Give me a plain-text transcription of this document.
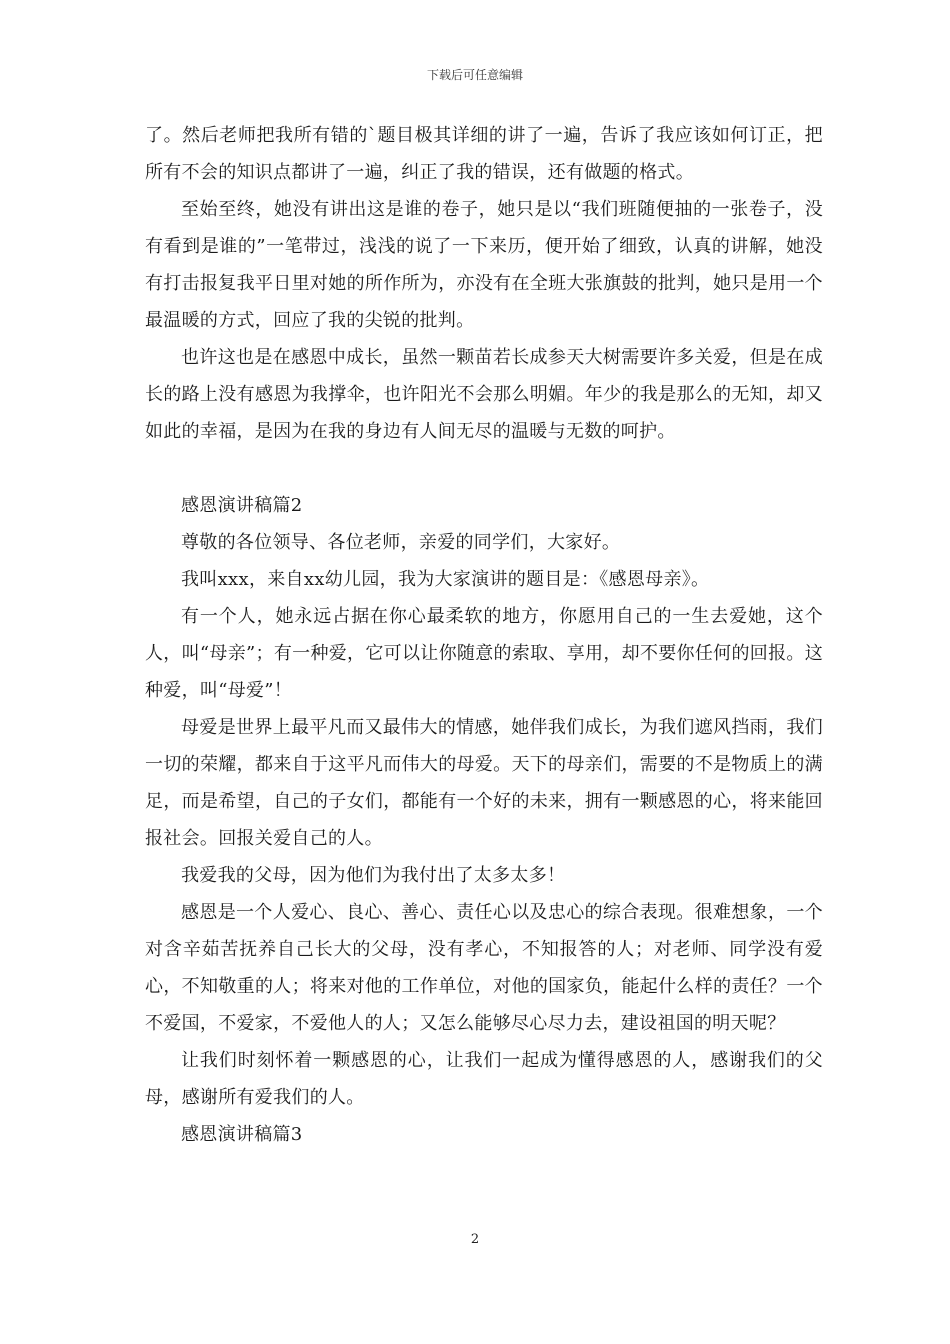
下载后可任意编辑

了。然后老师把我所有错的`题目极其详细的讲了一遍，告诉了我应该如何订正，把所有不会的知识点都讲了一遍，纠正了我的错误，还有做题的格式。

至始至终，她没有讲出这是谁的卷子，她只是以“我们班随便抽的一张卷子，没有看到是谁的”一笔带过，浅浅的说了一下来历，便开始了细致，认真的讲解，她没有打击报复我平日里对她的所作所为，亦没有在全班大张旗鼓的批判，她只是用一个最温暖的方式，回应了我的尖锐的批判。

也许这也是在感恩中成长，虽然一颗苗若长成参天大树需要许多关爱，但是在成长的路上没有感恩为我撑伞，也许阳光不会那么明媚。年少的我是那么的无知，却又如此的幸福，是因为在我的身边有人间无尽的温暖与无数的呵护。

感恩演讲稿篇2

尊敬的各位领导、各位老师，亲爱的同学们，大家好。

我叫xxx，来自xx幼儿园，我为大家演讲的题目是：《感恩母亲》。

有一个人，她永远占据在你心最柔软的地方，你愿用自己的一生去爱她，这个人，叫“母亲”；有一种爱，它可以让你随意的索取、享用，却不要你任何的回报。这种爱，叫“母爱”！

母爱是世界上最平凡而又最伟大的情感，她伴我们成长，为我们遮风挡雨，我们一切的荣耀，都来自于这平凡而伟大的母爱。天下的母亲们，需要的不是物质上的满足，而是希望，自己的子女们，都能有一个好的未来，拥有一颗感恩的心，将来能回报社会。回报关爱自己的人。

我爱我的父母，因为他们为我付出了太多太多！

感恩是一个人爱心、良心、善心、责任心以及忠心的综合表现。很难想象，一个对含辛茹苦抚养自己长大的父母，没有孝心，不知报答的人；对老师、同学没有爱心，不知敬重的人；将来对他的工作单位，对他的国家负，能起什么样的责任？一个不爱国，不爱家，不爱他人的人；又怎么能够尽心尽力去，建设祖国的明天呢？

让我们时刻怀着一颗感恩的心，让我们一起成为懂得感恩的人，感谢我们的父母，感谢所有爱我们的人。

感恩演讲稿篇3

2
